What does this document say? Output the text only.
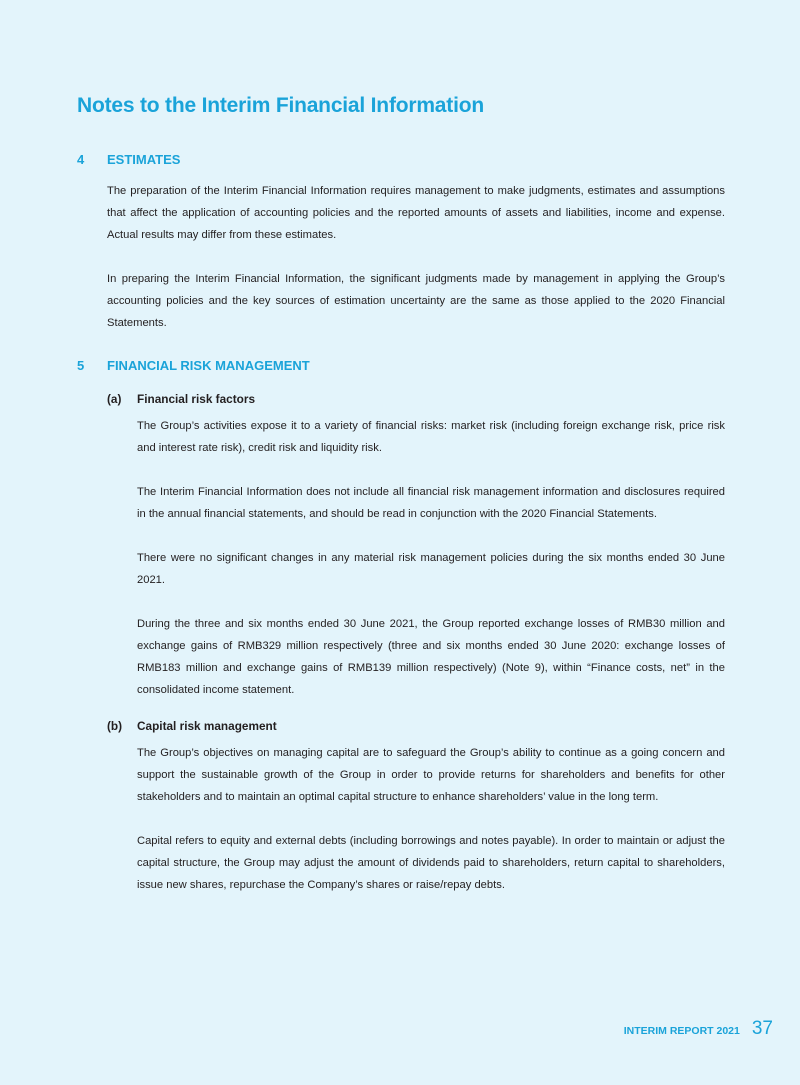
Notes to the Interim Financial Information
4	ESTIMATES

The preparation of the Interim Financial Information requires management to make judgments, estimates and assumptions that affect the application of accounting policies and the reported amounts of assets and liabilities, income and expense. Actual results may differ from these estimates.

In preparing the Interim Financial Information, the significant judgments made by management in applying the Group’s accounting policies and the key sources of estimation uncertainty are the same as those applied to the 2020 Financial Statements.

5	FINANCIAL RISK MANAGEMENT
(a)	Financial risk factors

The Group’s activities expose it to a variety of financial risks: market risk (including foreign exchange risk, price risk and interest rate risk), credit risk and liquidity risk.

The Interim Financial Information does not include all financial risk management information and disclosures required in the annual financial statements, and should be read in conjunction with the 2020 Financial Statements.

There were no significant changes in any material risk management policies during the six months ended 30 June 2021.

During the three and six months ended 30 June 2021, the Group reported exchange losses of RMB30 million and exchange gains of RMB329 million respectively (three and six months ended 30 June 2020: exchange losses of RMB183 million and exchange gains of RMB139 million respectively) (Note 9), within “Finance costs, net” in the consolidated income statement.

(b)	Capital risk management

The Group’s objectives on managing capital are to safeguard the Group’s ability to continue as a going concern and support the sustainable growth of the Group in order to provide returns for shareholders and benefits for other stakeholders and to maintain an optimal capital structure to enhance shareholders’ value in the long term.

Capital refers to equity and external debts (including borrowings and notes payable). In order to maintain or adjust the capital structure, the Group may adjust the amount of dividends paid to shareholders, return capital to shareholders, issue new shares, repurchase the Company’s shares or raise/repay debts.

INTERIM REPORT 2021 37
